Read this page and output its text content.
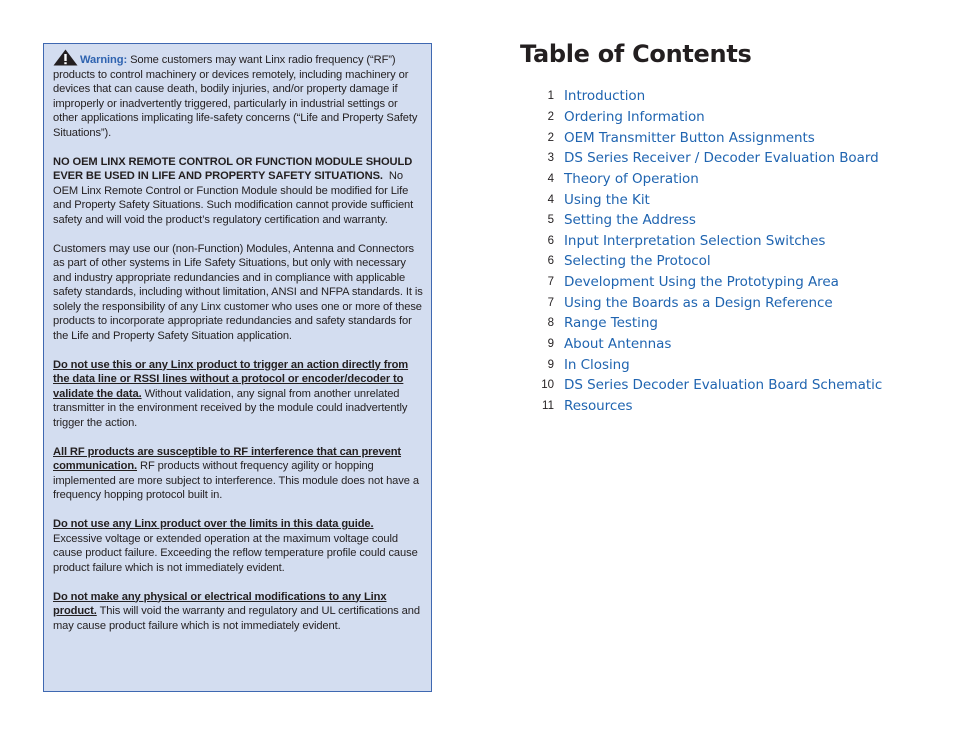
Warning: Some customers may want Linx radio frequency (“RF”) products to control machinery or devices remotely, including machinery or devices that can cause death, bodily injuries, and/or property damage if improperly or inadvertently triggered, particularly in industrial settings or other applications implicating life-safety concerns (“Life and Property Safety Situations”).

NO OEM LINX REMOTE CONTROL OR FUNCTION MODULE SHOULD EVER BE USED IN LIFE AND PROPERTY SAFETY SITUATIONS. No OEM Linx Remote Control or Function Module should be modified for Life and Property Safety Situations. Such modification cannot provide sufficient safety and will void the product’s regulatory certification and warranty.

Customers may use our (non-Function) Modules, Antenna and Connectors as part of other systems in Life Safety Situations, but only with necessary and industry appropriate redundancies and in compliance with applicable safety standards, including without limitation, ANSI and NFPA standards. It is solely the responsibility of any Linx customer who uses one or more of these products to incorporate appropriate redundancies and safety standards for the Life and Property Safety Situation application.

Do not use this or any Linx product to trigger an action directly from the data line or RSSI lines without a protocol or encoder/decoder to validate the data. Without validation, any signal from another unrelated transmitter in the environment received by the module could inadvertently trigger the action.

All RF products are susceptible to RF interference that can prevent communication. RF products without frequency agility or hopping implemented are more subject to interference. This module does not have a frequency hopping protocol built in.

Do not use any Linx product over the limits in this data guide. Excessive voltage or extended operation at the maximum voltage could cause product failure. Exceeding the reflow temperature profile could cause product failure which is not immediately evident.

Do not make any physical or electrical modifications to any Linx product. This will void the warranty and regulatory and UL certifications and may cause product failure which is not immediately evident.

Table of Contents
1 Introduction
2 Ordering Information
2 OEM Transmitter Button Assignments
3 DS Series Receiver / Decoder Evaluation Board
4 Theory of Operation
4 Using the Kit
5 Setting the Address
6 Input Interpretation Selection Switches
6 Selecting the Protocol
7 Development Using the Prototyping Area
7 Using the Boards as a Design Reference
8 Range Testing
9 About Antennas
9 In Closing
10 DS Series Decoder Evaluation Board Schematic
11 Resources
